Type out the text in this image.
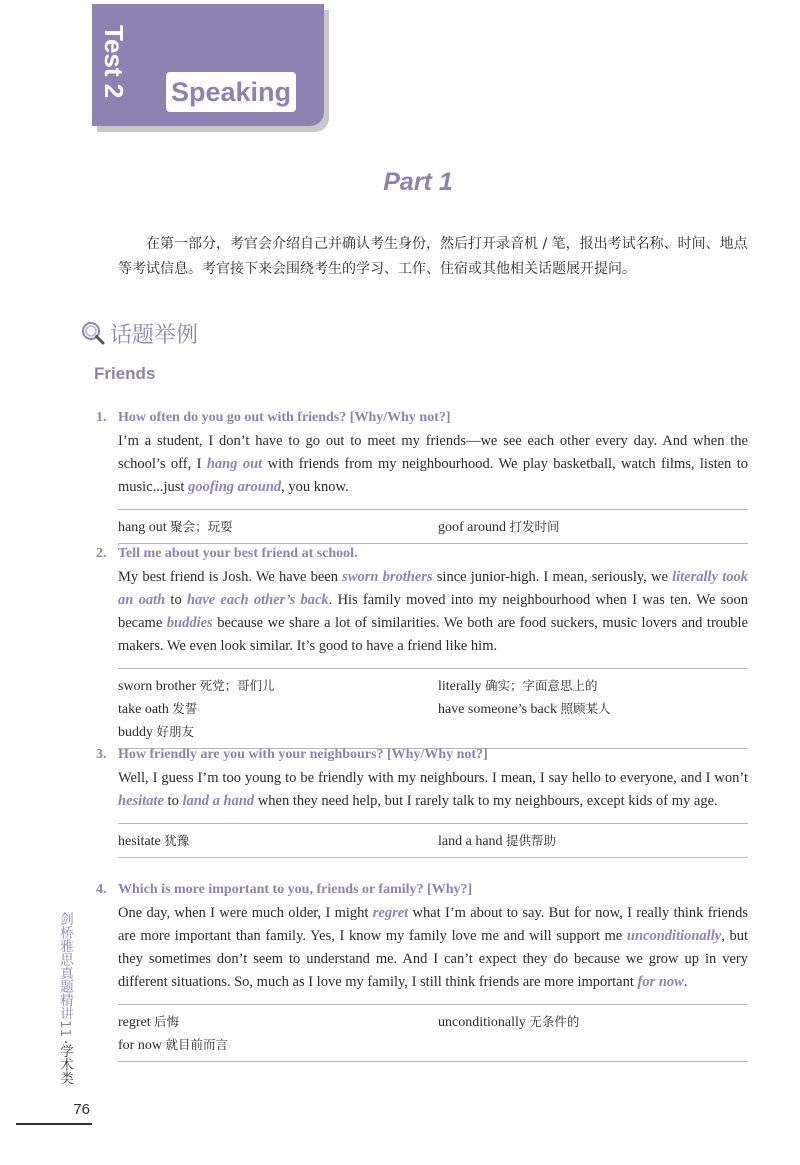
Test 2 Speaking
Part 1

在第一部分，考官会介绍自己并确认考生身份，然后打开录音机 / 笔，报出考试名称、时间、地点等考试信息。考官接下来会围绕考生的学习、工作、住宿或其他相关话题展开提问。

话题举例
Friends
1. How often do you go out with friends? [Why/Why not?]
I’m a student, I don’t have to go out to meet my friends—we see each other every day. And when the school’s off, I hang out with friends from my neighbourhood. We play basketball, watch films, listen to music...just goofing around, you know.
hang out 聚会；玩耍	goof around 打发时间
2. Tell me about your best friend at school.
My best friend is Josh. We have been sworn brothers since junior-high. I mean, seriously, we literally took an oath to have each other’s back. His family moved into my neighbourhood when I was ten. We soon became buddies because we share a lot of similarities. We both are food suckers, music lovers and trouble makers. We even look similar. It’s good to have a friend like him.
sworn brother 死党；哥们儿	literally 确实；字面意思上的
take oath 发誓	have someone’s back 照顾某人
buddy 好朋友
3. How friendly are you with your neighbours? [Why/Why not?]
Well, I guess I’m too young to be friendly with my neighbours. I mean, I say hello to everyone, and I won’t hesitate to land a hand when they need help, but I rarely talk to my neighbours, except kids of my age.
hesitate 犹豫	land a hand 提供帮助
4. Which is more important to you, friends or family? [Why?]
One day, when I were much older, I might regret what I’m about to say. But for now, I really think friends are more important than family. Yes, I know my family love me and will support me unconditionally, but they sometimes don’t seem to understand me. And I can’t expect they do because we grow up in very different situations. So, much as I love my family, I still think friends are more important for now.
regret 后悔	unconditionally 无条件的
for now 就目前而言
剑桥雅思真题精讲11
·学术类
76
